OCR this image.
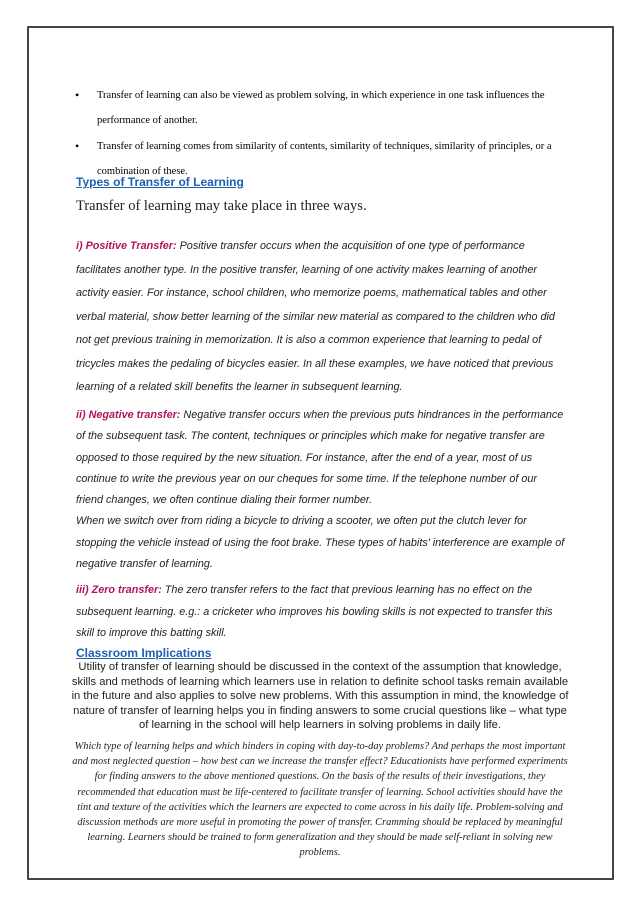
• Transfer of learning can also be viewed as problem solving, in which experience in one task influences the performance of another.
• Transfer of learning comes from similarity of contents, similarity of techniques, similarity of principles, or a combination of these.
Types of Transfer of Learning
Transfer of learning may take place in three ways.
i) Positive Transfer: Positive transfer occurs when the acquisition of one type of performance facilitates another type. In the positive transfer, learning of one activity makes learning of another activity easier. For instance, school children, who memorize poems, mathematical tables and other verbal material, show better learning of the similar new material as compared to the children who did not get previous training in memorization. It is also a common experience that learning to pedal of tricycles makes the pedaling of bicycles easier. In all these examples, we have noticed that previous learning of a related skill benefits the learner in subsequent learning.
ii) Negative transfer: Negative transfer occurs when the previous puts hindrances in the performance of the subsequent task. The content, techniques or principles which make for negative transfer are opposed to those required by the new situation. For instance, after the end of a year, most of us continue to write the previous year on our cheques for some time. If the telephone number of our friend changes, we often continue dialing their former number.
When we switch over from riding a bicycle to driving a scooter, we often put the clutch lever for stopping the vehicle instead of using the foot brake. These types of habits' interference are example of negative transfer of learning.
iii) Zero transfer: The zero transfer refers to the fact that previous learning has no effect on the subsequent learning. e.g.: a cricketer who improves his bowling skills is not expected to transfer this skill to improve this batting skill.
Classroom Implications
Utility of transfer of learning should be discussed in the context of the assumption that knowledge, skills and methods of learning which learners use in relation to definite school tasks remain available in the future and also applies to solve new problems. With this assumption in mind, the knowledge of nature of transfer of learning helps you in finding answers to some crucial questions like – what type of learning in the school will help learners in solving problems in daily life.
Which type of learning helps and which hinders in coping with day-to-day problems? And perhaps the most important and most neglected question – how best can we increase the transfer effect? Educationists have performed experiments for finding answers to the above mentioned questions. On the basis of the results of their investigations, they recommended that education must be life-centered to facilitate transfer of learning. School activities should have the tint and texture of the activities which the learners are expected to come across in his daily life. Problem-solving and discussion methods are more useful in promoting the power of transfer. Cramming should be replaced by meaningful learning. Learners should be trained to form generalization and they should be made self-reliant in solving new problems.
